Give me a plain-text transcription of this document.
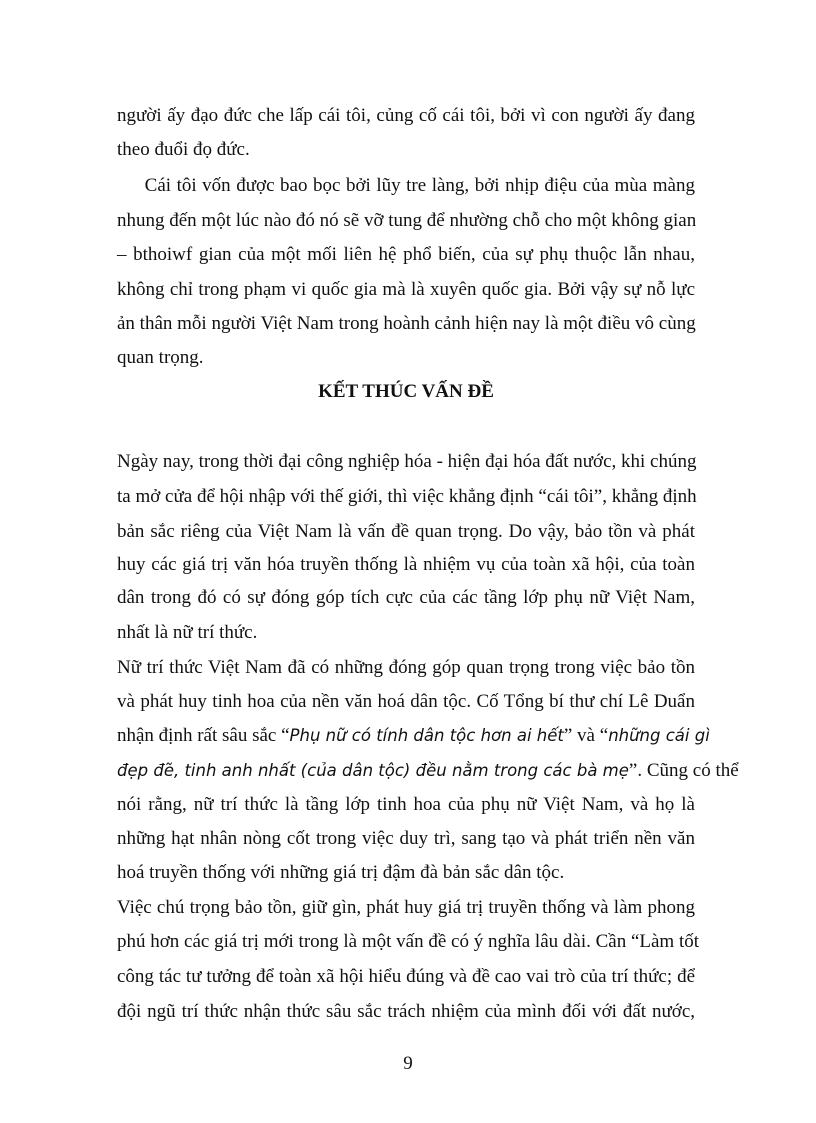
người ấy đạo đức che lấp cái tôi, củng cố cái tôi, bởi vì con người ấy đang
theo đuổi đọ đức.
Cái tôi vốn được bao bọc bởi lũy tre làng, bởi nhịp điệu của mùa màng
nhung đến một lúc nào đó nó sẽ vỡ tung để nhường chỗ cho một không gian
– bthoiwf gian của một mối liên hệ phổ biến, của sự phụ thuộc lẫn nhau,
không chỉ trong phạm vi quốc gia mà là xuyên quốc gia. Bởi vậy sự nỗ lực
ản thân mỗi người Việt Nam trong hoành cảnh hiện nay là một điều vô cùng
quan trọng.
KẾT THÚC VẤN ĐỀ
Ngày nay, trong thời đại công nghiệp hóa - hiện đại hóa đất nước, khi chúng
ta mở cửa để hội nhập với thế giới, thì việc khẳng định “cái tôi”, khẳng định
bản sắc riêng của Việt Nam là vấn đề quan trọng. Do vậy, bảo tồn và phát
huy các giá trị văn hóa truyền thống là nhiệm vụ của toàn xã hội, của toàn
dân trong đó có sự đóng góp tích cực của các tầng lớp phụ nữ Việt Nam,
nhất là nữ trí thức.
Nữ trí thức Việt Nam đã có những đóng góp quan trọng trong việc bảo tồn
và phát huy tinh hoa của nền văn hoá dân tộc. Cố Tổng bí thư chí Lê Duẩn
nhận định rất sâu sắc “Phụ nữ có tính dân tộc hơn ai hết” và “những cái gì
đẹp đẽ, tinh anh nhất (của dân tộc) đều nằm trong các bà mẹ”. Cũng có thể
nói rằng, nữ trí thức là tầng lớp tinh hoa của phụ nữ Việt Nam, và họ là
những hạt nhân nòng cốt trong việc duy trì, sang tạo và phát triển nền văn
hoá truyền thống với những giá trị đậm đà bản sắc dân tộc.
Việc chú trọng bảo tồn, giữ gìn, phát huy giá trị truyền thống và làm phong
phú hơn các giá trị mới trong là một vấn đề có ý nghĩa lâu dài. Cần “Làm tốt
công tác tư tưởng để toàn xã hội hiểu đúng và đề cao vai trò của trí thức; để
đội ngũ trí thức nhận thức sâu sắc trách nhiệm của mình đối với đất nước,
9
